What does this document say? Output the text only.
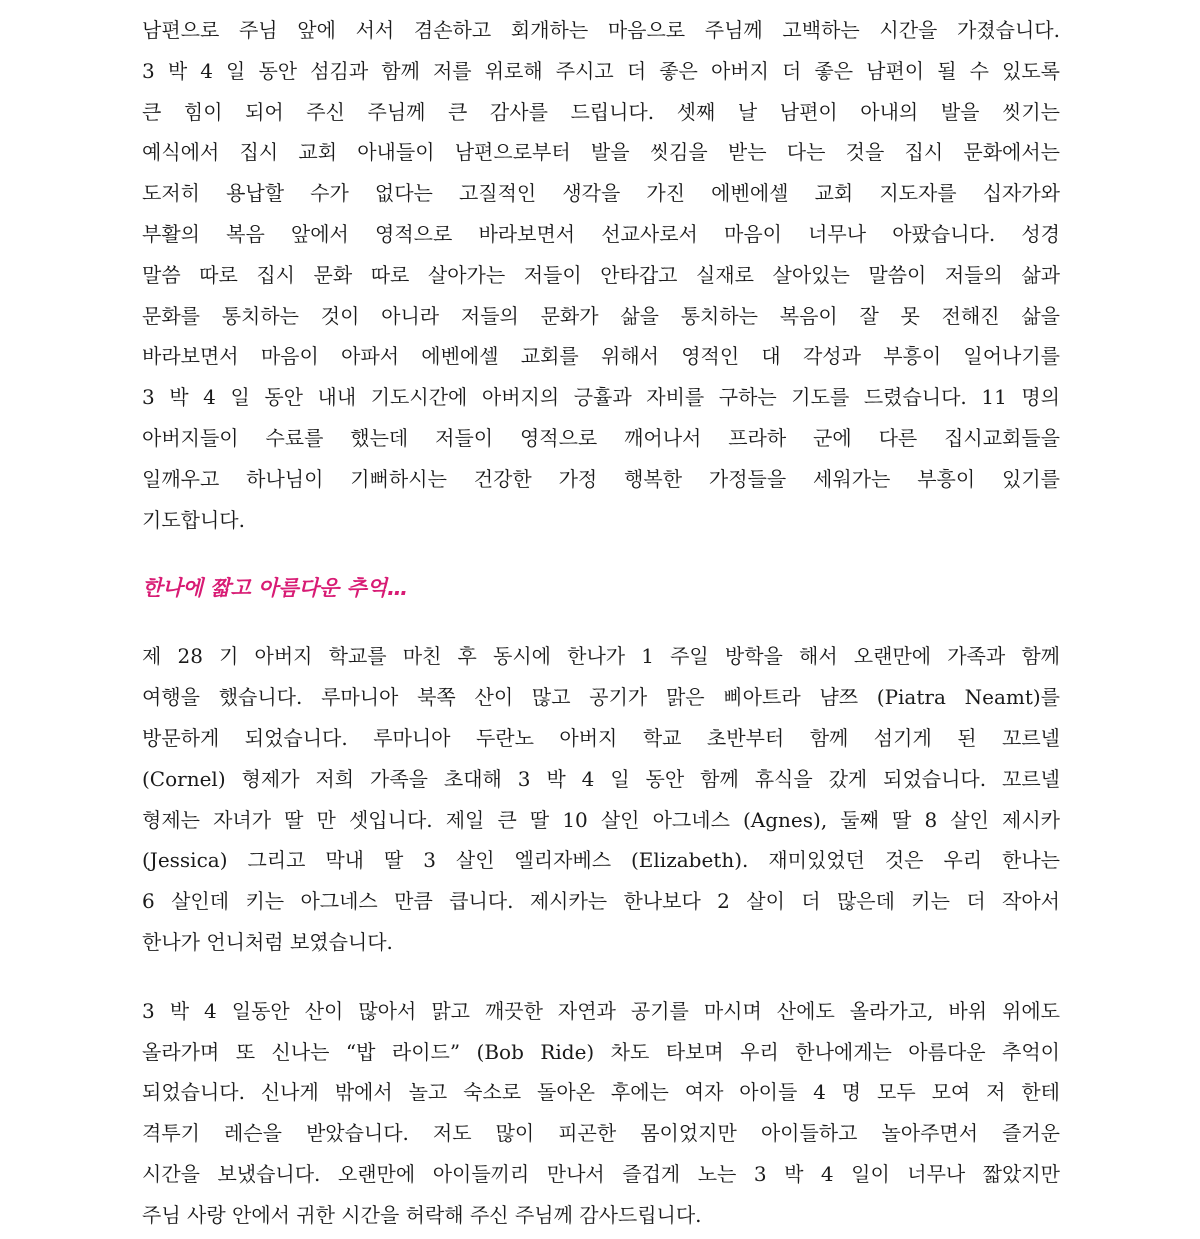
남편으로 주님 앞에 서서 겸손하고 회개하는 마음으로 주님께 고백하는 시간을 가졌습니다.
3 박 4 일 동안 섬김과 함께 저를 위로해 주시고 더 좋은 아버지 더 좋은 남편이 될 수 있도록
큰 힘이 되어 주신 주님께 큰 감사를 드립니다. 셋째 날 남편이 아내의 발을 씻기는
예식에서 집시 교회 아내들이 남편으로부터 발을 씻김을 받는 다는 것을 집시 문화에서는
도저히 용납할 수가 없다는 고질적인 생각을 가진 에벤에셀 교회 지도자를 십자가와
부활의 복음 앞에서 영적으로 바라보면서 선교사로서 마음이 너무나 아팠습니다. 성경
말씀 따로 집시 문화 따로 살아가는 저들이 안타갑고 실재로 살아있는 말씀이 저들의 삶과
문화를 통치하는 것이 아니라 저들의 문화가 삶을 통치하는 복음이 잘 못 전해진 삶을
바라보면서 마음이 아파서 에벤에셀 교회를 위해서 영적인 대 각성과 부흥이 일어나기를
3 박 4 일 동안 내내 기도시간에 아버지의 긍휼과 자비를 구하는 기도를 드렸습니다. 11 명의
아버지들이 수료를 했는데 저들이 영적으로 깨어나서 프라하 군에 다른 집시교회들을
일깨우고 하나님이 기뻐하시는 건강한 가정 행복한 가정들을 세워가는 부흥이 있기를
기도합니다.

한나에 짧고 아름다운 추억…

제 28 기 아버지 학교를 마친 후 동시에 한나가 1 주일 방학을 해서 오랜만에 가족과 함께
여행을 했습니다. 루마니아 북쪽 산이 많고 공기가 맑은 삐아트라 냠쯔 (Piatra Neamt)를
방문하게 되었습니다. 루마니아 두란노 아버지 학교 초반부터 함께 섬기게 된 꼬르넬
(Cornel) 형제가 저희 가족을 초대해 3 박 4 일 동안 함께 휴식을 갔게 되었습니다. 꼬르넬
형제는 자녀가 딸 만 셋입니다. 제일 큰 딸 10 살인 아그네스 (Agnes), 둘째 딸 8 살인 제시카
(Jessica) 그리고 막내 딸 3 살인 엘리자베스 (Elizabeth). 재미있었던 것은 우리 한나는
6 살인데 키는 아그네스 만큼 큽니다. 제시카는 한나보다 2 살이 더 많은데 키는 더 작아서
한나가 언니처럼 보였습니다.

3 박 4 일동안 산이 많아서 맑고 깨끗한 자연과 공기를 마시며 산에도 올라가고, 바위 위에도
올라가며 또 신나는 “밥 라이드” (Bob Ride) 차도 타보며 우리 한나에게는 아름다운 추억이
되었습니다. 신나게 밖에서 놀고 숙소로 돌아온 후에는 여자 아이들 4 명 모두 모여 저 한테
격투기 레슨을 받았습니다. 저도 많이 피곤한 몸이었지만 아이들하고 놀아주면서 즐거운
시간을 보냈습니다. 오랜만에 아이들끼리 만나서 즐겁게 노는 3 박 4 일이 너무나 짧았지만
주님 사랑 안에서 귀한 시간을 허락해 주신 주님께 감사드립니다.
